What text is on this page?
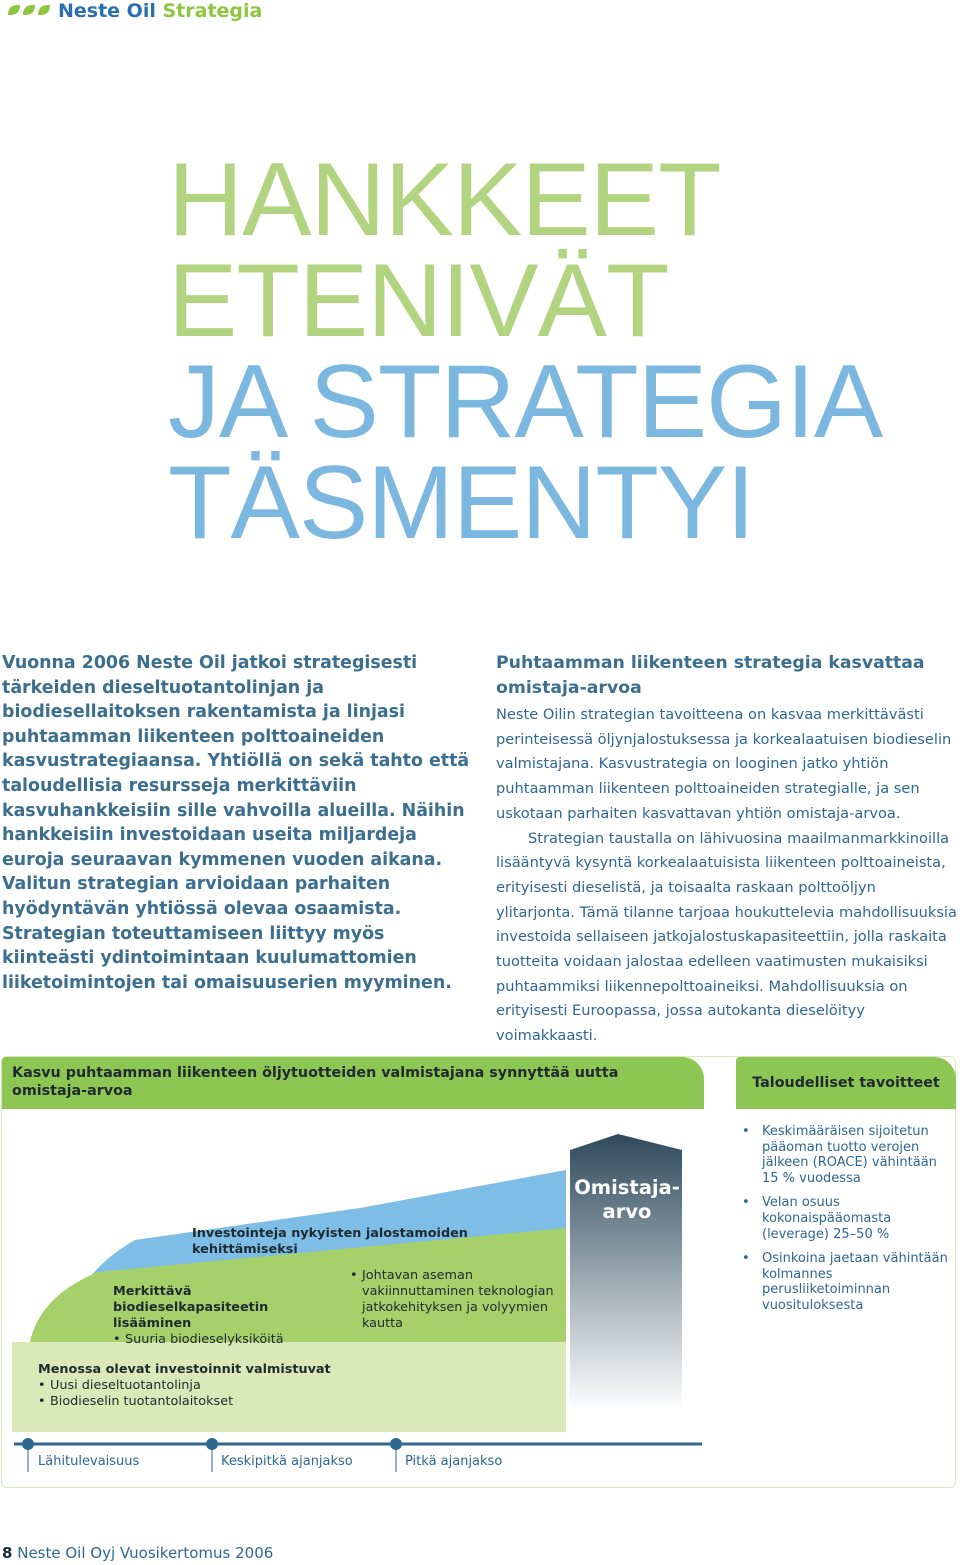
Neste Oil Strategia
HANKKEET
ETENIVÄT
JA STRATEGIA
TÄSMENTYI

Vuonna 2006 Neste Oil jatkoi strategisesti tärkeiden dieseltuotantolinjan ja biodiesellaitoksen rakentamista ja linjasi puhtaamman liikenteen polttoaineiden kasvustrategiaansa. Yhtiöllä on sekä tahto että taloudellisia resursseja merkittäviin kasvuhankkeisiin sille vahvoilla alueilla. Näihin hankkeisiin investoidaan useita miljardeja euroja seuraavan kymmenen vuoden aikana. Valitun strategian arvioidaan parhaiten hyödyntävän yhtiössä olevaa osaamista. Strategian toteuttamiseen liittyy myös kiinteästi ydintoimintaan kuulumattomien liiketoimintojen tai omaisuuserien myyminen.

Puhtaamman liikenteen strategia kasvattaa omistaja-arvoa

Neste Oilin strategian tavoitteena on kasvaa merkittävästi perinteisessä öljynjalostuksessa ja korkealaatuisen biodieselin valmistajana. Kasvustrategia on looginen jatko yhtiön puhtaamman liikenteen polttoaineiden strategialle, ja sen uskotaan parhaiten kasvattavan yhtiön omistaja-arvoa.

Strategian taustalla on lähivuosina maailmanmarkkinoilla lisääntyvä kysyntä korkealaatuisista liikenteen polttoaineista, erityisesti dieselistä, ja toisaalta raskaan polttoöljyn ylitarjonta. Tämä tilanne tarjoaa houkuttelevia mahdollisuuksia investoida sellaiseen jatkojalostuskapasiteettiin, jolla raskaita tuotteita voidaan jalostaa edelleen vaatimusten mukaisiksi puhtaammiksi liikennepolttoaineiksi. Mahdollisuuksia on erityisesti Euroopassa, jossa autokanta dieselöityy voimakkaasti.

Kasvu puhtaamman liikenteen öljytuotteiden valmistajana synnyttää uutta omistaja-arvoa	Taloudelliset tavoitteet
Investointeja nykyisten jalostamoiden kehittämiseksi
Merkittävä biodieselkapasiteetin lisääminen
• Suuria biodieselyksiköitä
• Johtavan aseman vakiinnuttaminen teknologian jatkokehityksen ja volyymien kautta
Menossa olevat investoinnit valmistuvat
• Uusi dieseltuotantolinja
• Biodieselin tuotantolaitokset
Omistaja-arvo
Lähitulevaisuus	Keskipitkä ajanjakso	Pitkä ajanjakso
• Keskimääräisen sijoitetun pääoman tuotto verojen jälkeen (ROACE) vähintään 15 % vuodessa
• Velan osuus kokonaispääomasta (leverage) 25–50 %
• Osinkoina jaetaan vähintään kolmannes perusliiketoiminnan vuosituloksesta
8 Neste Oil Oyj Vuosikertomus 2006
